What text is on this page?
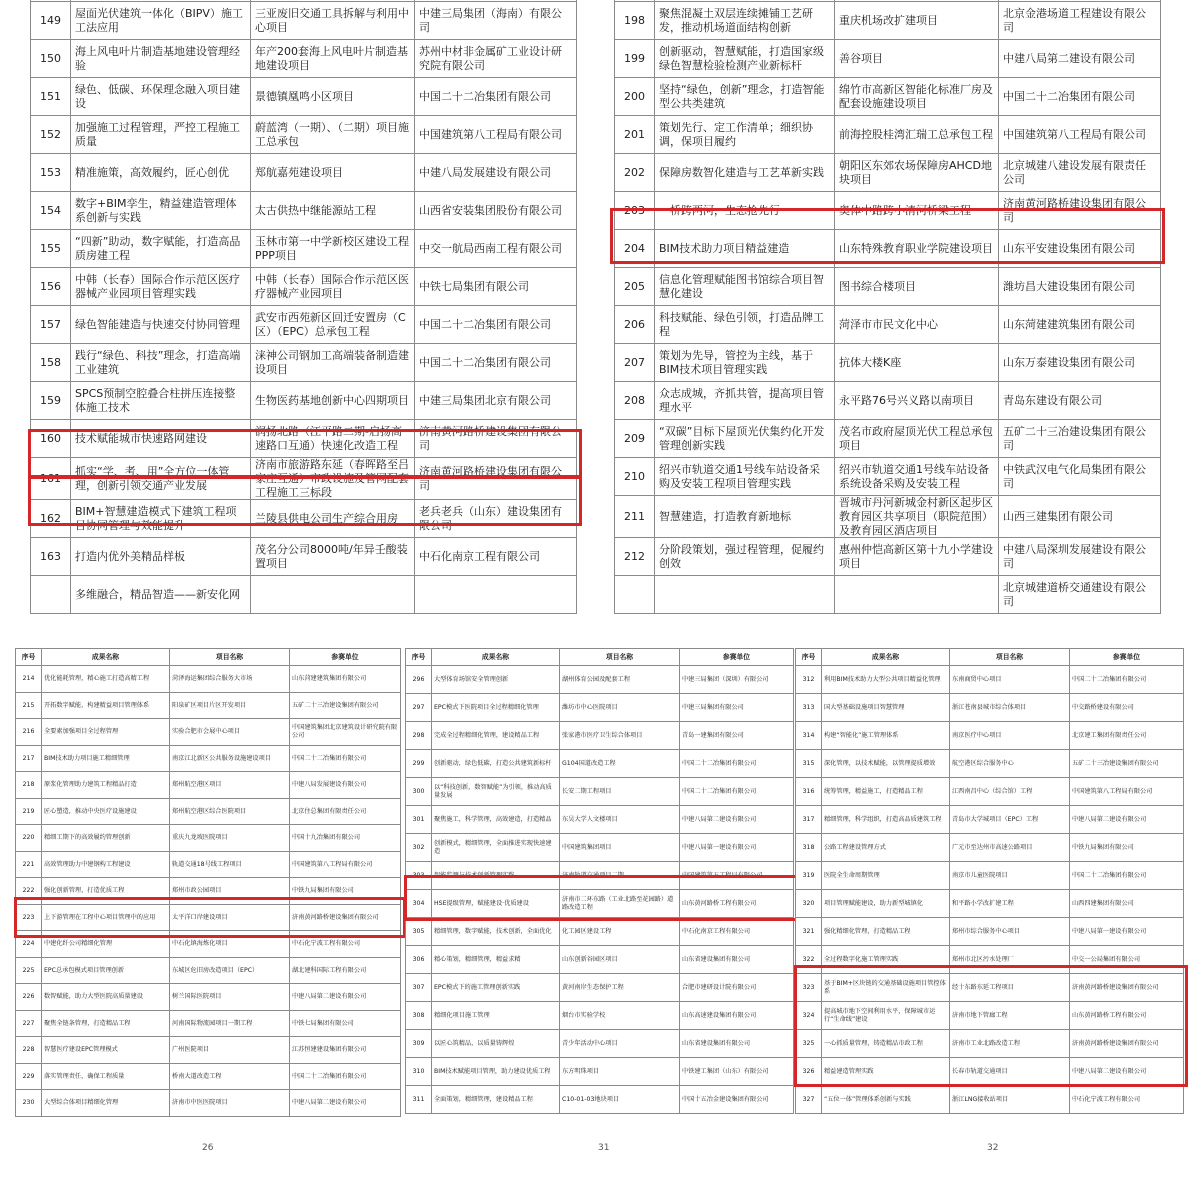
149	屋面光伏建筑一体化（BIPV）施工工法应用	三亚废旧交通工具拆解与利用中心项目	中建三局集团（海南）有限公司
150	海上风电叶片制造基地建设管理经验	年产200套海上风电叶片制造基地建设项目	苏州中材非金属矿工业设计研究院有限公司
151	绿色、低碳、环保理念融入项目建设	景德镇凰鸣小区项目	中国二十二冶集团有限公司
152	加强施工过程管理，严控工程施工质量	蔚蓝湾（一期）、（二期）项目施工总承包	中国建筑第八工程局有限公司
153	精准施策，高效履约，匠心创优	郑航嘉苑建设项目	中建八局发展建设有限公司
154	数字+BIM孪生，精益建造管理体系创新与实践	太古供热中继能源站工程	山西省安装集团股份有限公司
155	“四新”助动，数字赋能，打造高品质房建工程	玉林市第一中学新校区建设工程PPP项目	中交一航局西南工程有限公司
156	中韩（长春）国际合作示范区医疗器械产业园项目管理实践	中韩（长春）国际合作示范区医疗器械产业园项目	中铁七局集团有限公司
157	绿色智能建造与快速交付协同管理	武安市西苑新区回迁安置房（C区）（EPC）总承包工程	中国二十二冶集团有限公司
158	践行“绿色、科技”理念，打造高端工业建筑	涞神公司钢加工高端装备制造建设项目	中国二十二冶集团有限公司
159	SPCS预制空腔叠合柱拼压连接整体施工技术	生物医药基地创新中心四期项目	中建三局集团北京有限公司
160	技术赋能城市快速路网建设	润扬北路（江平路二期-启扬高速路口互通）快速化改造工程	济南黄河路桥建设集团有限公司
161	抓实“学、考、用”全方位一体管理，创新引领交通产业发展	济南市旅游路东延（春晖路至吕家庄互通）市政设施及管网配套工程施工三标段	济南黄河路桥建设集团有限公司
162	BIM+智慧建造模式下建筑工程项目协同管理与效能提升	兰陵县供电公司生产综合用房	老兵老兵（山东）建设集团有限公司
163	打造内优外美精品样板	茂名分公司8000吨/年异壬酸装置项目	中石化南京工程有限公司
	多维融合，精品智造——新安化网		

198	聚焦混凝土双层连续摊铺工艺研发，推动机场道面结构创新	重庆机场改扩建项目	北京金港场道工程建设有限公司
199	创新驱动，智慧赋能，打造国家级绿色智慧检验检测产业新标杆	善谷项目	中建八局第二建设有限公司
200	坚持“绿色，创新”理念，打造智能型公共类建筑	绵竹市高新区智能化标准厂房及配套设施建设项目	中国二十二冶集团有限公司
201	策划先行、定工作清单；细织协调，保项目履约	前海控股桂湾汇瑞工总承包工程	中国建筑第八工程局有限公司
202	保障房数智化建造与工艺革新实践	朝阳区东郊农场保障房AHCD地块项目	北京城建八建设发展有限责任公司
203	一桥跨两河，生态抢先行	奥体中路跨小清河桥梁工程	济南黄河路桥建设集团有限公司
204	BIM技术助力项目精益建造	山东特殊教育职业学院建设项目	山东平安建设集团有限公司
205	信息化管理赋能图书馆综合项目智慧化建设	图书综合楼项目	潍坊昌大建设集团有限公司
206	科技赋能、绿色引领，打造品牌工程	菏泽市市民文化中心	山东菏建建筑集团有限公司
207	策划为先导，管控为主线，基于BIM技术项目管理实践	抗体大楼K座	山东万泰建设集团有限公司
208	众志成城，齐抓共管，提高项目管理水平	永平路76号兴义路以南项目	青岛东建设有限公司
209	“双碳”目标下屋顶光伏集约化开发管理创新实践	茂名市政府屋顶光伏工程总承包项目	五矿二十三冶建设集团有限公司
210	绍兴市轨道交通1号线车站设备采购及安装工程项目管理实践	绍兴市轨道交通1号线车站设备系统设备采购及安装工程	中铁武汉电气化局集团有限公司
211	智慧建造，打造教育新地标	晋城市丹河新城金村新区起步区教育园区共享项目（职院范围）及教育园区酒店项目	山西三建集团有限公司
212	分阶段策划，强过程管理，促履约创效	惠州仲恺高新区第十九小学建设项目	中建八局深圳发展建设有限公司
			北京城建道桥交通建设有限公司
序号	成果名称	项目名称	参赛单位
214	优化能耗管理，精心施工打造高精工程	菏泽海运集团综合服务大市场	山东菏建建筑集团有限公司
215	开拓数字赋能，构建精益项目管理体系	阳泉矿区项目片区开发项目	五矿二十三冶建设集团有限公司
216	全要素加强项目全过程管理	实验合肥市会展中心项目	中国建筑集团北京建筑设计研究院有限公司
217	BIM技术助力项目施工精细管理	南京江北新区公共服务设施建设项目	中国二十二冶集团有限公司
218	原浆化管理助力建筑工程精品打造	郑州航空港区项目	中建八局发展建设有限公司
219	匠心塑造，推动中央医疗设施建设	郑州航空港区综合医院项目	北京住总集团有限责任公司
220	精细工期下的高效履约管理创新	重庆九龙坡医院项目	中国十九冶集团有限公司
221	高效管理助力中建钢构工程建设	轨道交通18号线工程项目	中国建筑第八工程局有限公司
222	强化创新管理，打造优质工程	郑州市政公园项目	中铁九局集团有限公司
223	上下游管理在工程中心项目管理中的应用	太平洋口岸建设项目	济南黄河路桥建设集团有限公司
224	中建化纤公司精细化管理	中石化镇海炼化项目	中石化宁波工程有限公司
225	EPC总承包模式项目管理创新	东城区危旧房改造项目（EPC）	湖北建科国际工程有限公司
226	数智赋能，助力大型医院高质量建设	树兰国际医院项目	中建八局第二建设有限公司
227	聚焦全链条管理，打造精品工程	河南国际物流园项目一期工程	中铁七局集团有限公司
228	智慧医疗建设EPC管理模式	广州医院项目	江苏恒建建设集团有限公司
229	落实管理责任，确保工程质量	桥南大道改造工程	中国二十二冶集团有限公司
230	大型综合体项目精细化管理	济南市中医医院项目	中建八局第二建设有限公司
26
序号	成果名称	项目名称	参赛单位
296	大型体育场馆安全管理创新	湖州体育公园及配套工程	中建三局集团（深圳）有限公司
297	EPC模式下医院项目全过程精细化管理	潍坊市中心医院项目	中建三局集团有限公司
298	完成全过程精细化管理，建设精品工程	张家港市医疗卫生综合体项目	青岛一建集团有限公司
299	创新驱动，绿色低碳，打造公共建筑新标杆	G104国道改造工程	中国二十二冶集团有限公司
300	以“科技创新，数智赋能”为引领，推动高质量发展	长安二期工程项目	中国二十二冶集团有限公司
301	聚焦施工，科学管理，高效建造，打造精品	东吴大学人文楼项目	中建八局第二建设有限公司
302	创新模式，精细管理，全面推进实现快速建造	中国建筑集团项目	中建八局第一建设有限公司
303	智能监测与技术创新管理实践	济南轨道交通项目二期	中国建筑第五工程局有限公司
304	HSE提级管理，赋能建设·优质建设	济南市二环东路（工业北路至花园路）道路改造工程	山东黄河路桥工程有限公司
305	精细管理，数字赋能，技术创新，全面优化	化工园区建设工程	中石化南京工程有限公司
306	精心策划，精细管理，精益求精	山东创新谷园区项目	山东省建设集团有限公司
307	EPC模式下的施工管理创新实践	黄河南岸生态保护工程	合肥市建研设计院有限公司
308	精细化项目施工管理	烟台市实验学校	山东高速建设集团有限公司
309	以匠心筑精品，以质量铸辉煌	青少年活动中心项目	山东省建设集团有限公司
310	BIM技术赋能项目管理，助力建设优质工程	东方明珠项目	中铁建工集团（山东）有限公司
311	全面策划，精细管理，建设精品工程	C10-01-03地块项目	中国十五冶金建设集团有限公司
31
序号	成果名称	项目名称	参赛单位
312	利用BIM技术助力大型公共项目精益化管理	东南商贸中心项目	中国二十二冶集团有限公司
313	国大型基础设施项目智慧管理	浙江苍南县城市综合体项目	中交路桥建设有限公司
314	构建“智能化”施工管理体系	南京医疗中心项目	北京建工集团有限责任公司
315	深化管理，以技术赋能，以管理提质增效	航空港区综合服务中心	五矿二十三冶建设集团有限公司
316	统筹管理，精益施工，打造精品工程	江西南昌中心（综合馆）工程	中国建筑第八工程局有限公司
317	精细管理，科学组织，打造高品质建筑工程	青岛市大学城项目（EPC）工程	中建八局第二建设有限公司
318	公路工程建设管理方式	广元市至达州市高速公路项目	中铁九局集团有限公司
319	医院全生命周期管理	南京市儿童医院项目	中国二十二冶集团有限公司
320	项目管理赋能建设，助力新型城镇化	和平路小学改扩建工程	山西四建集团有限公司
321	强化精细化管理，打造精品工程	郑州市综合服务中心项目	中建八局第一建设有限公司
322	全过程数字化施工管理实践	郑州市北区污水处理厂	中交一公局集团有限公司
323	基于BIM+区块链的交通基础设施项目管控体系	经十东路东延工程项目	济南黄河路桥建设集团有限公司
324	提高城市地下空间利用水平，保障城市运行“生命线”建设	济南市地下管廊工程	山东黄河路桥工程有限公司
325	一心抓质量管理，铸造精品市政工程	济南市工业北路改造工程	济南黄河路桥建设集团有限公司
326	精益建造管理实践	长春市轨道交通项目	中建八局第二建设有限公司
327	“五位一体”管理体系创新与实践	浙江LNG接收站项目	中石化宁波工程有限公司
32
